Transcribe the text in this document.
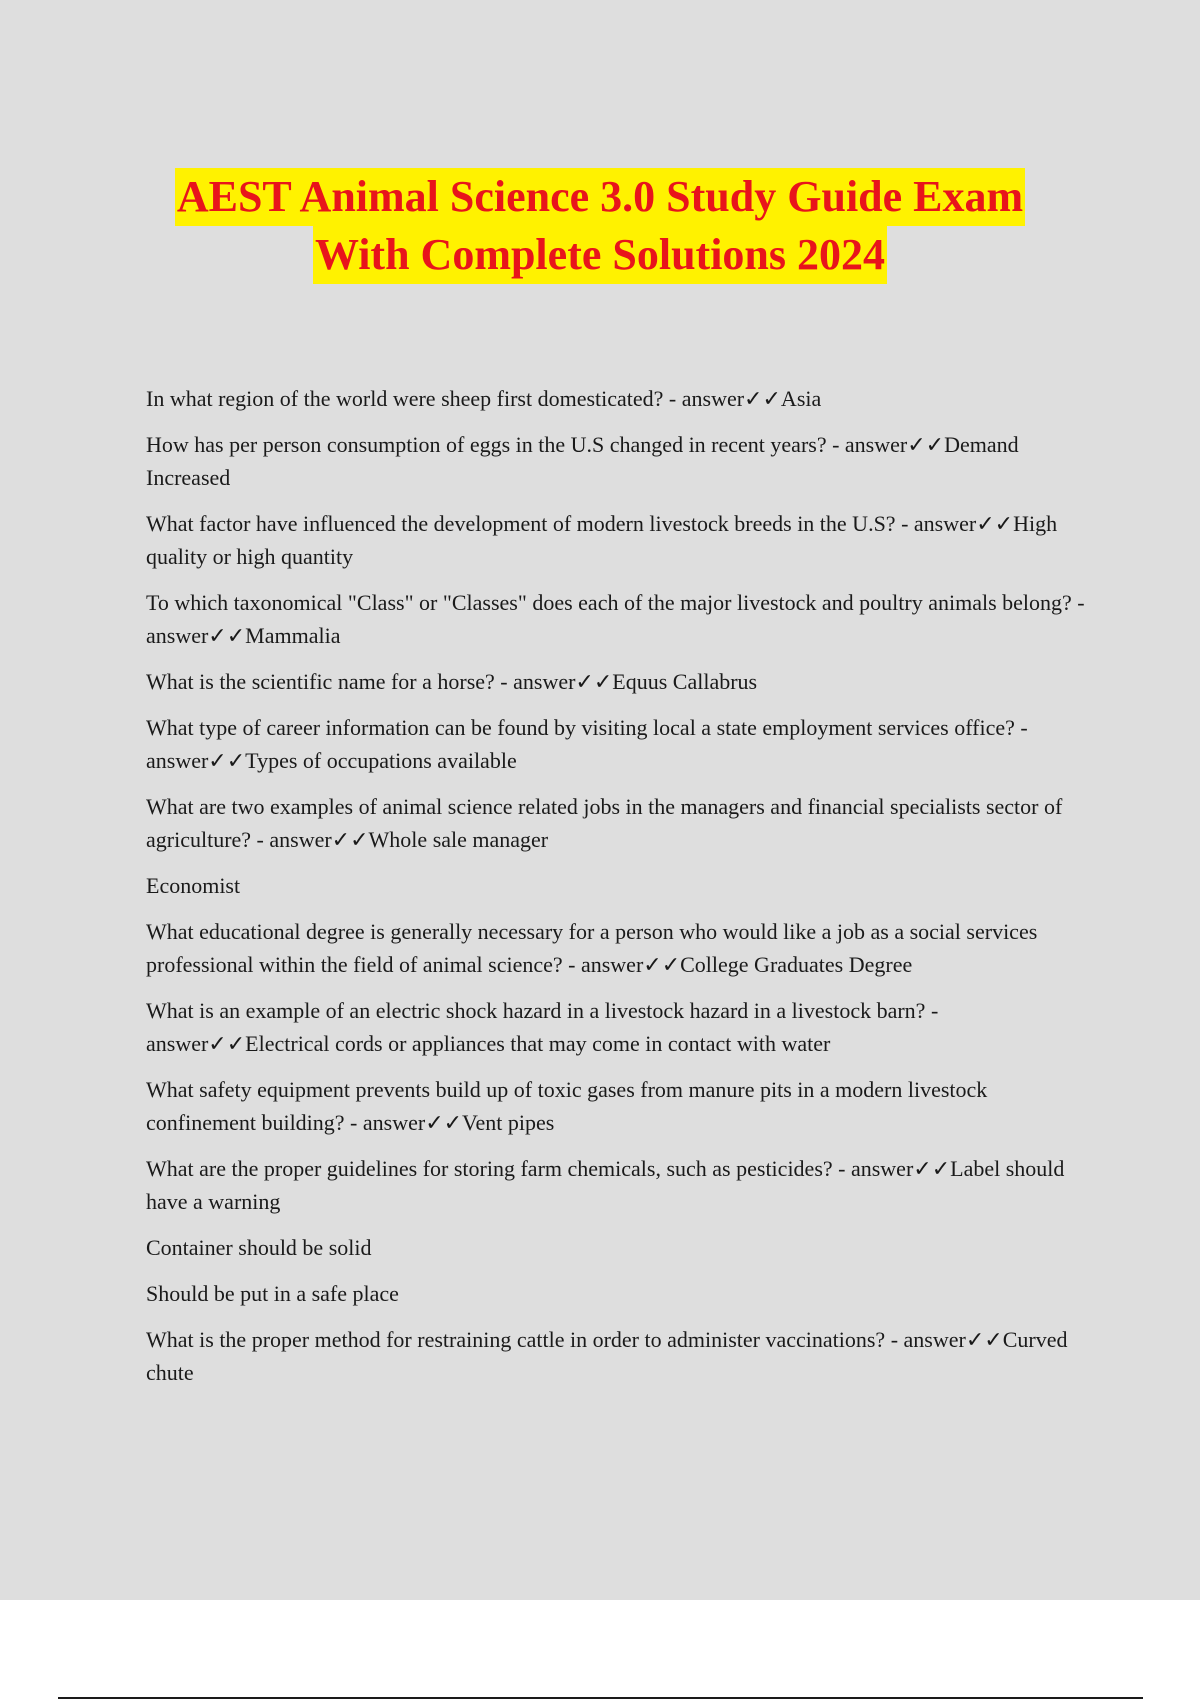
AEST Animal Science 3.0 Study Guide Exam
With Complete Solutions 2024

In what region of the world were sheep first domesticated? - answer✓✓Asia

How has per person consumption of eggs in the U.S changed in recent years? - answer✓✓Demand Increased

What factor have influenced the development of modern livestock breeds in the U.S? - answer✓✓High quality or high quantity

To which taxonomical "Class" or "Classes" does each of the major livestock and poultry animals belong? - answer✓✓Mammalia

What is the scientific name for a horse? - answer✓✓Equus Callabrus

What type of career information can be found by visiting local a state employment services office? - answer✓✓Types of occupations available

What are two examples of animal science related jobs in the managers and financial specialists sector of agriculture? - answer✓✓Whole sale manager

Economist

What educational degree is generally necessary for a person who would like a job as a social services professional within the field of animal science? - answer✓✓College Graduates Degree

What is an example of an electric shock hazard in a livestock hazard in a livestock barn? - answer✓✓Electrical cords or appliances that may come in contact with water

What safety equipment prevents build up of toxic gases from manure pits in a modern livestock confinement building? - answer✓✓Vent pipes

What are the proper guidelines for storing farm chemicals, such as pesticides? - answer✓✓Label should have a warning

Container should be solid

Should be put in a safe place

What is the proper method for restraining cattle in order to administer vaccinations? - answer✓✓Curved chute
